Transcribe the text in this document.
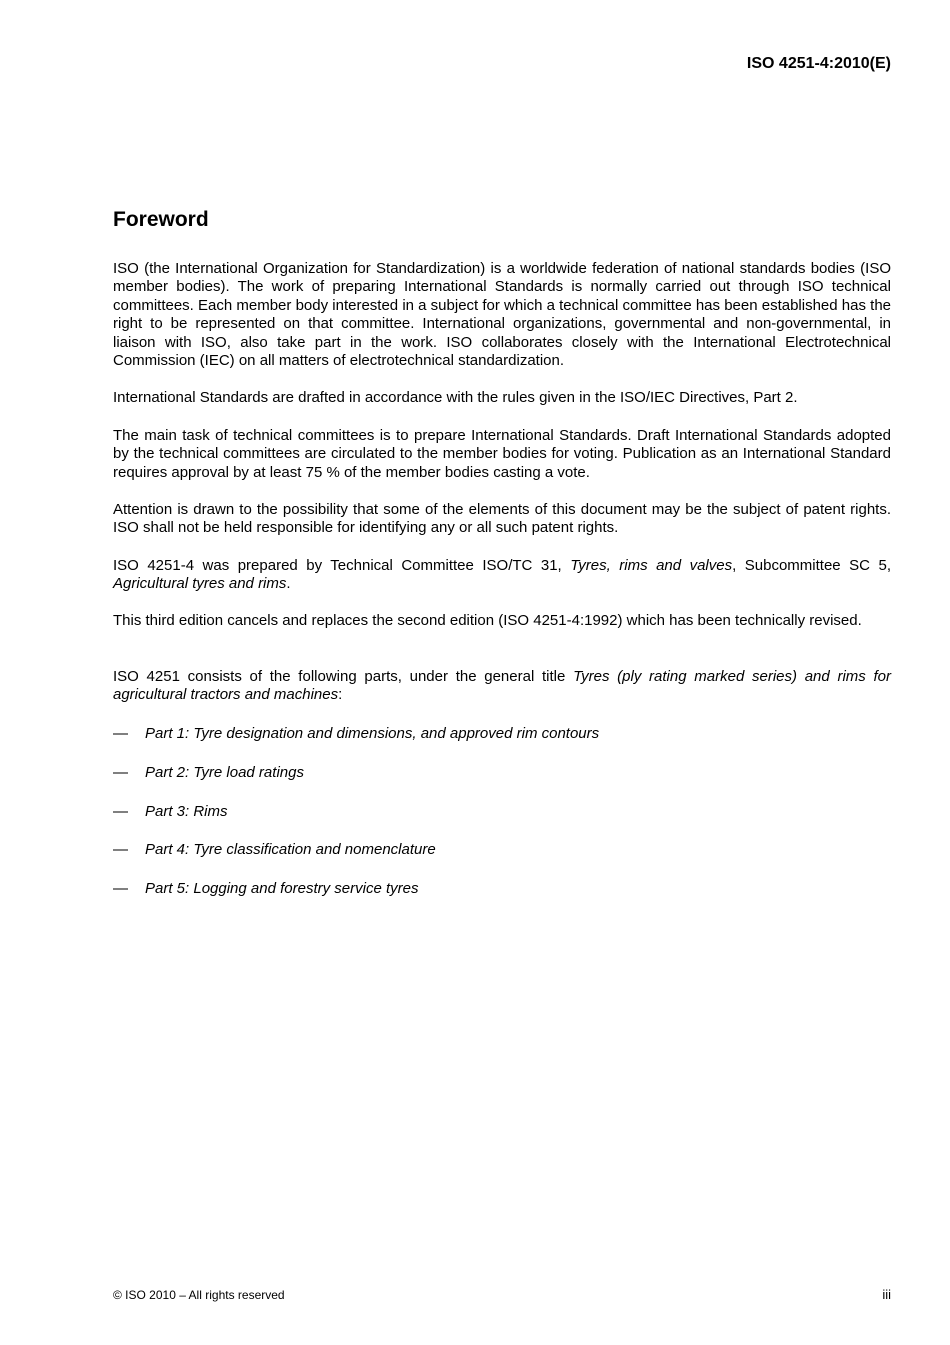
ISO 4251-4:2010(E)
Foreword
ISO (the International Organization for Standardization) is a worldwide federation of national standards bodies (ISO member bodies). The work of preparing International Standards is normally carried out through ISO technical committees. Each member body interested in a subject for which a technical committee has been established has the right to be represented on that committee. International organizations, governmental and non-governmental, in liaison with ISO, also take part in the work. ISO collaborates closely with the International Electrotechnical Commission (IEC) on all matters of electrotechnical standardization.
International Standards are drafted in accordance with the rules given in the ISO/IEC Directives, Part 2.
The main task of technical committees is to prepare International Standards. Draft International Standards adopted by the technical committees are circulated to the member bodies for voting. Publication as an International Standard requires approval by at least 75 % of the member bodies casting a vote.
Attention is drawn to the possibility that some of the elements of this document may be the subject of patent rights. ISO shall not be held responsible for identifying any or all such patent rights.
ISO 4251-4 was prepared by Technical Committee ISO/TC 31, Tyres, rims and valves, Subcommittee SC 5, Agricultural tyres and rims.
This third edition cancels and replaces the second edition (ISO 4251-4:1992) which has been technically revised.
ISO 4251 consists of the following parts, under the general title Tyres (ply rating marked series) and rims for agricultural tractors and machines:
— Part 1: Tyre designation and dimensions, and approved rim contours
— Part 2: Tyre load ratings
— Part 3: Rims
— Part 4: Tyre classification and nomenclature
— Part 5: Logging and forestry service tyres
© ISO 2010 – All rights reserved	iii
